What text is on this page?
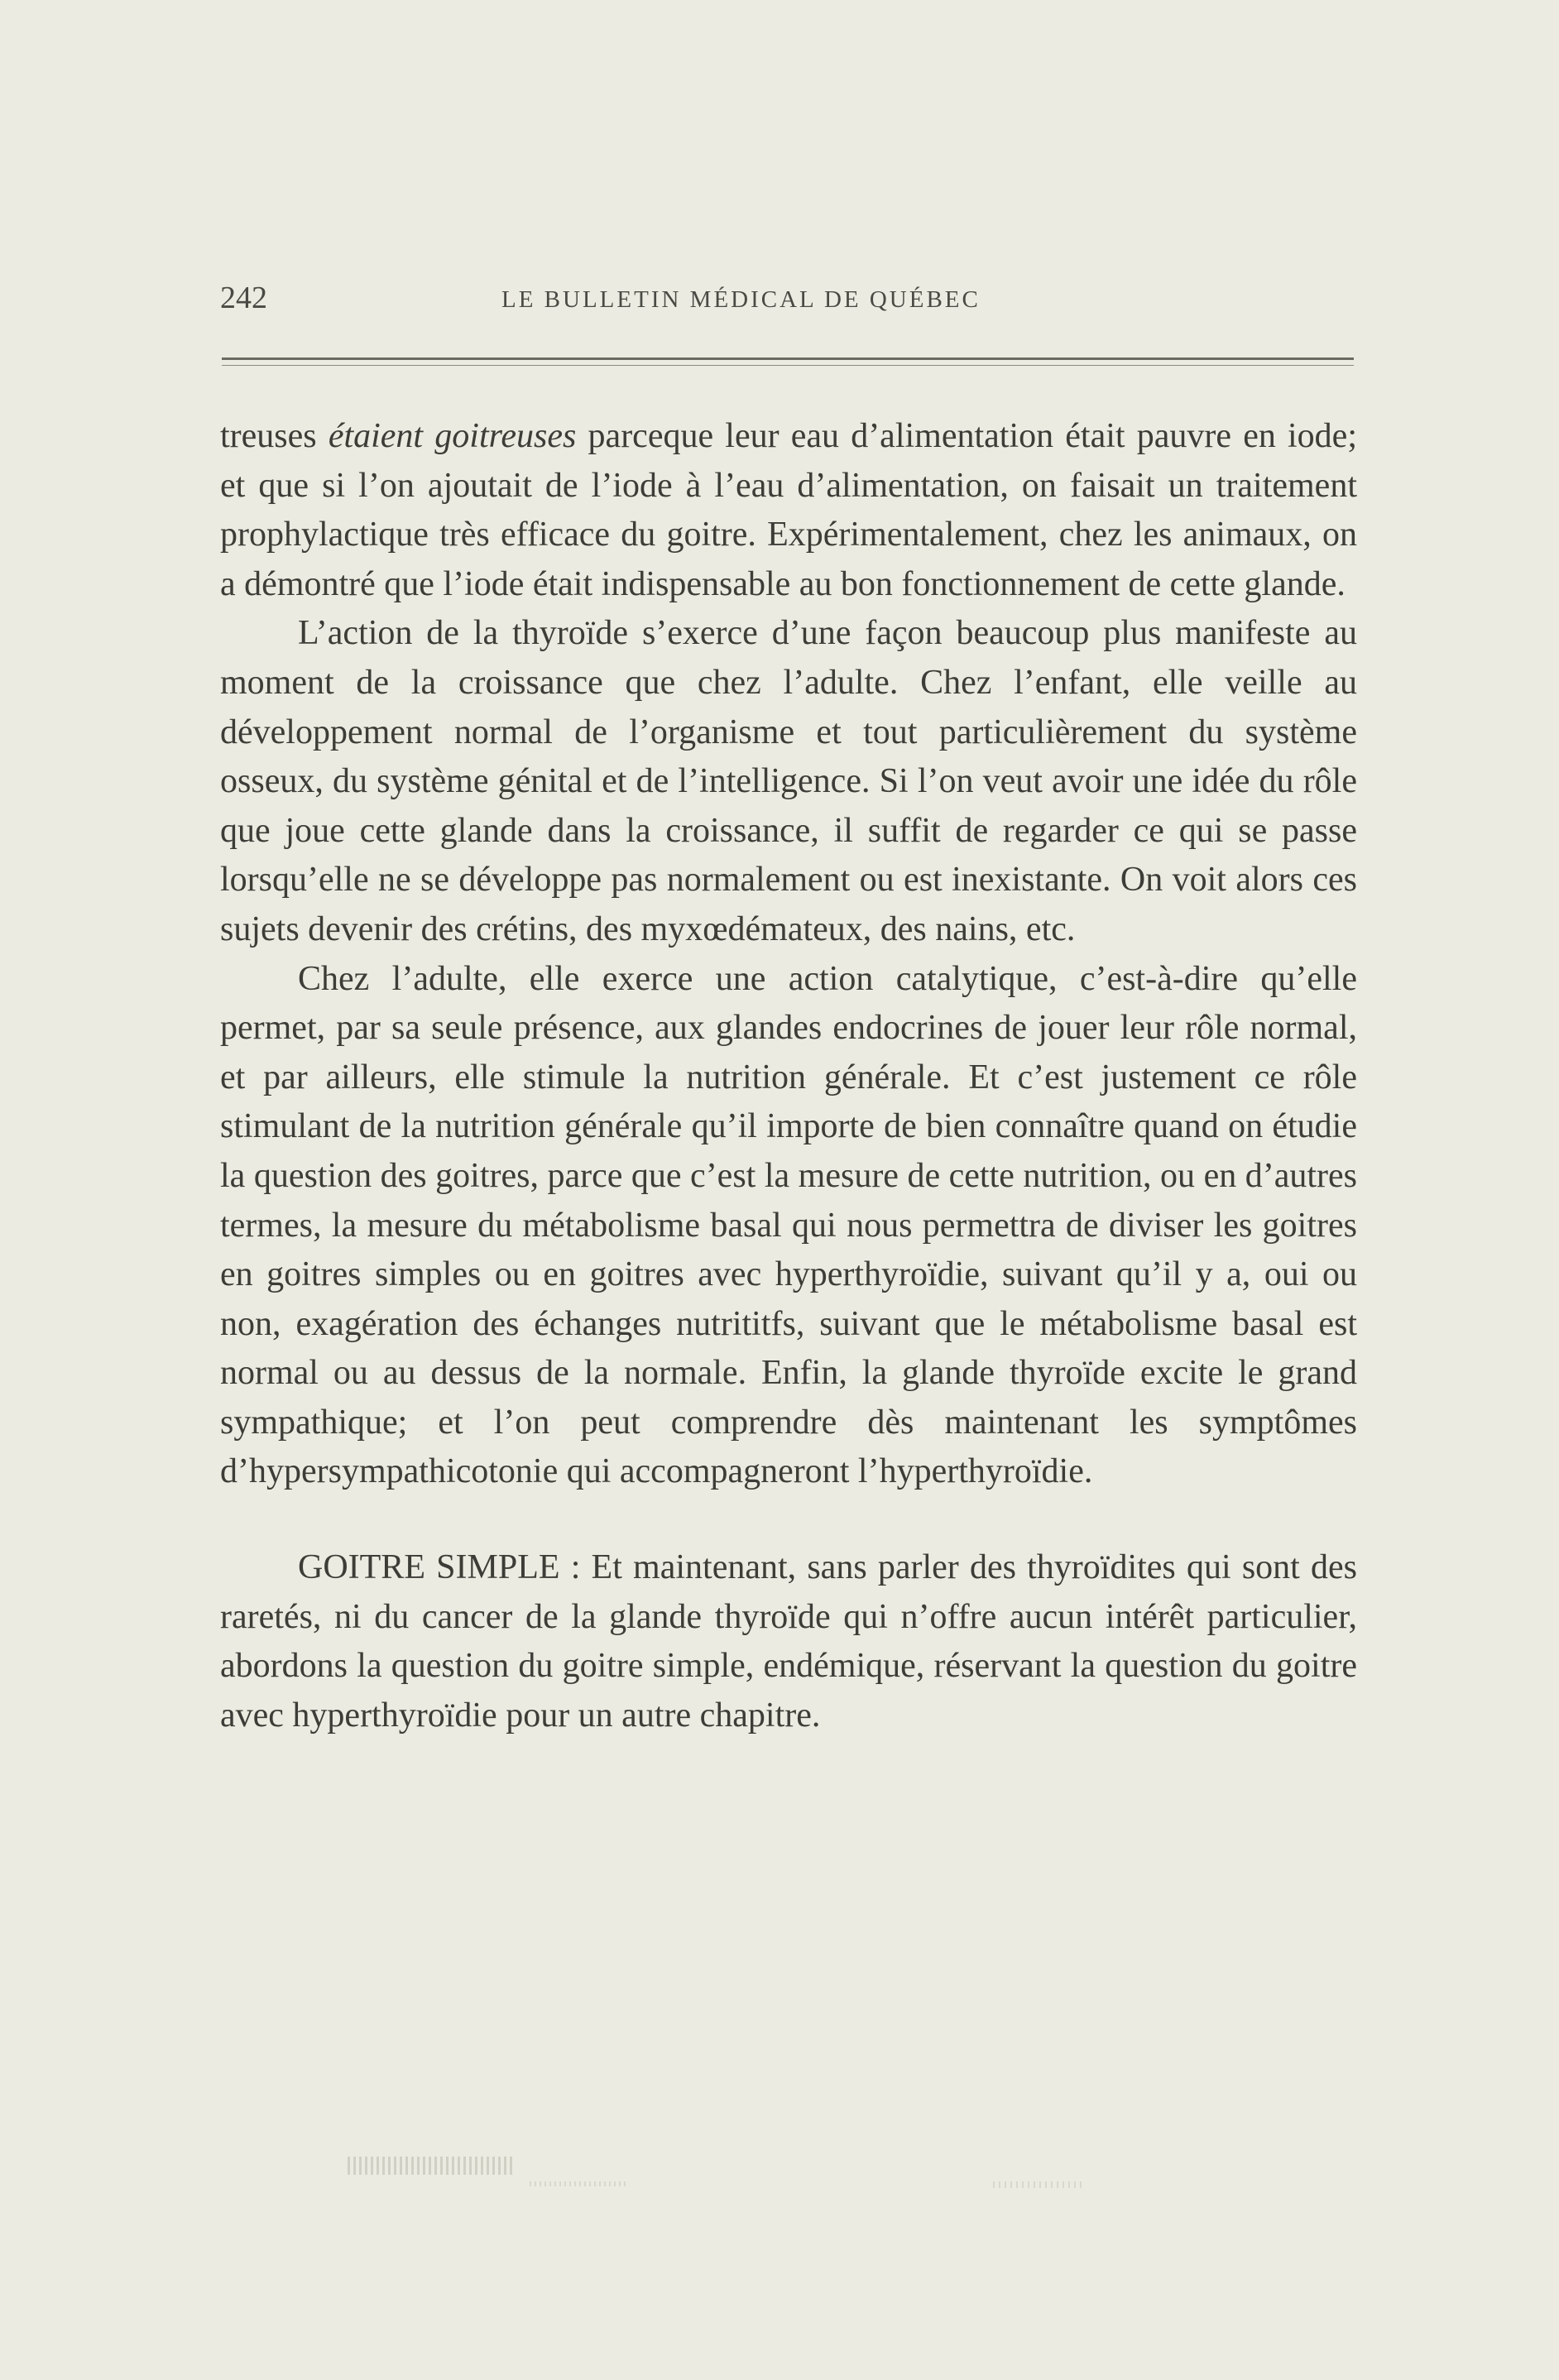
242	LE BULLETIN MÉDICAL DE QUÉBEC

treuses étaient goitreuses parceque leur eau d’alimentation était pauvre en iode; et que si l’on ajoutait de l’iode à l’eau d’alimentation, on faisait un traitement prophylactique très efficace du goitre. Expérimentalement, chez les animaux, on a démontré que l’iode était indispensable au bon fonctionnement de cette glande.

L’action de la thyroïde s’exerce d’une façon beaucoup plus manifeste au moment de la croissance que chez l’adulte. Chez l’enfant, elle veille au développement normal de l’organisme et tout particulièrement du système osseux, du système génital et de l’intelligence. Si l’on veut avoir une idée du rôle que joue cette glande dans la croissance, il suffit de regarder ce qui se passe lorsqu’elle ne se développe pas normalement ou est inexistante. On voit alors ces sujets devenir des crétins, des myxœdémateux, des nains, etc.

Chez l’adulte, elle exerce une action catalytique, c’est-à-dire qu’elle permet, par sa seule présence, aux glandes endocrines de jouer leur rôle normal, et par ailleurs, elle stimule la nutrition générale. Et c’est justement ce rôle stimulant de la nutrition générale qu’il importe de bien connaître quand on étudie la question des goitres, parce que c’est la mesure de cette nutrition, ou en d’autres termes, la mesure du métabolisme basal qui nous permettra de diviser les goitres en goitres simples ou en goitres avec hyperthyroïdie, suivant qu’il y a, oui ou non, exagération des échanges nutrititfs, suivant que le métabolisme basal est normal ou au dessus de la normale. Enfin, la glande thyroïde excite le grand sympathique; et l’on peut comprendre dès maintenant les symptômes d’hypersympathicotonie qui accompagneront l’hyperthyroïdie.

GOITRE SIMPLE : Et maintenant, sans parler des thyroïdites qui sont des raretés, ni du cancer de la glande thyroïde qui n’offre aucun intérêt particulier, abordons la question du goitre simple, endémique, réservant la question du goitre avec hyperthyroïdie pour un autre chapitre.
